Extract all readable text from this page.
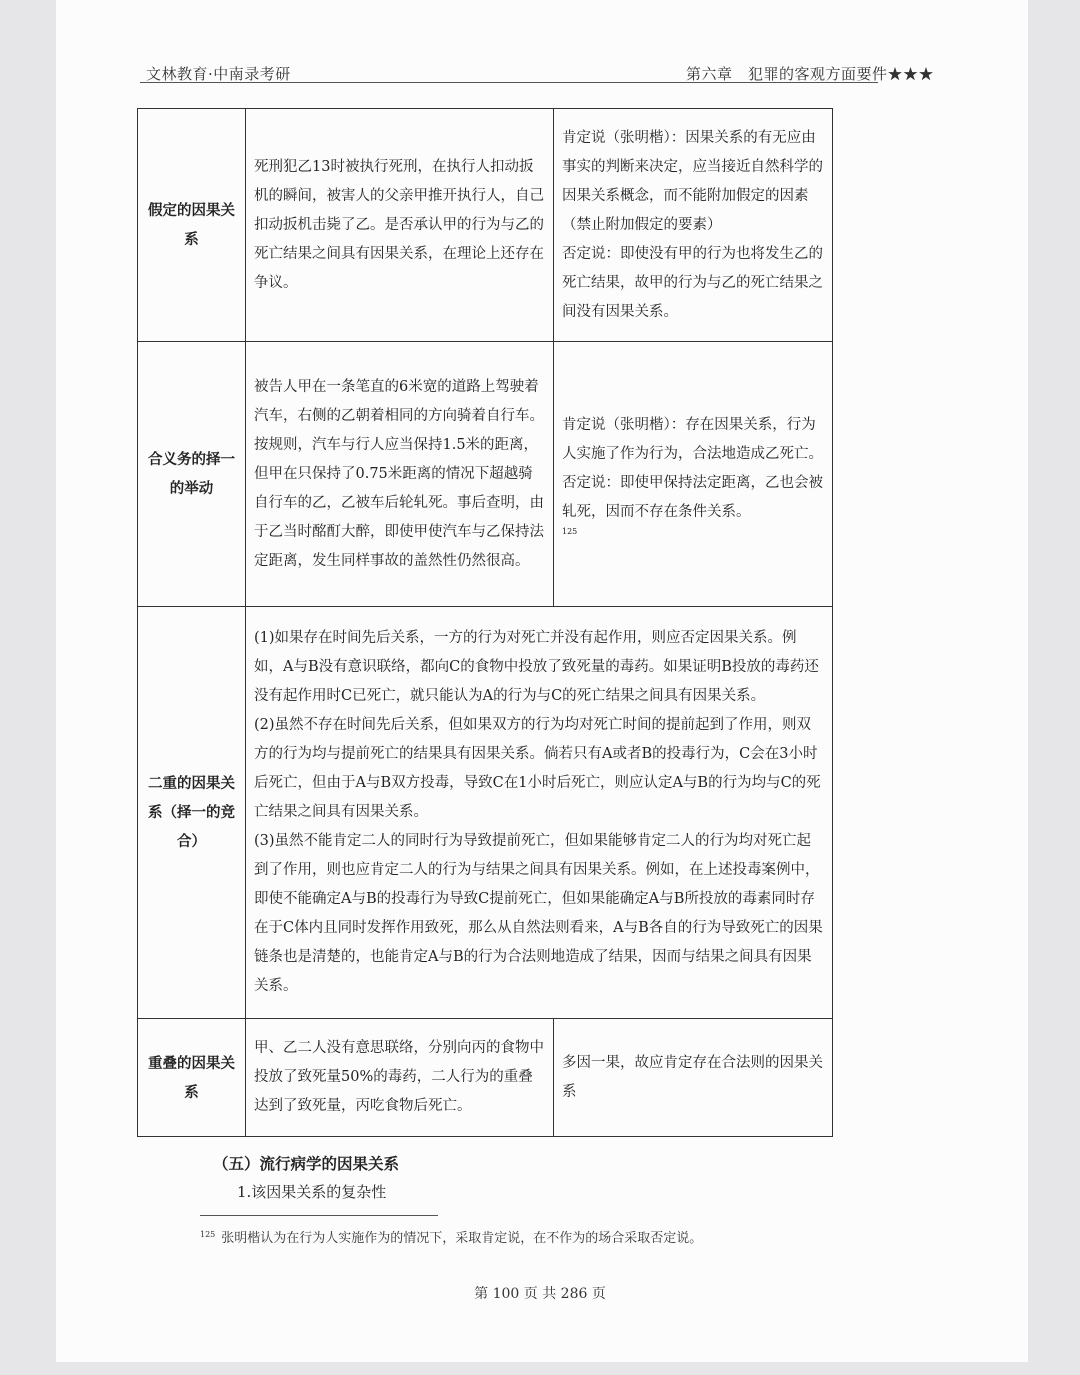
文林教育·中南录考研	第六章　犯罪的客观方面要件★★★
假定的因果关系	死刑犯乙13时被执行死刑，在执行人扣动扳机的瞬间，被害人的父亲甲推开执行人，自己扣动扳机击毙了乙。是否承认甲的行为与乙的死亡结果之间具有因果关系，在理论上还存在争议。	肯定说（张明楷）：因果关系的有无应由事实的判断来决定，应当接近自然科学的因果关系概念，而不能附加假定的因素（禁止附加假定的要素）
否定说：即使没有甲的行为也将发生乙的死亡结果，故甲的行为与乙的死亡结果之间没有因果关系。
合义务的择一的举动	被告人甲在一条笔直的6米宽的道路上驾驶着汽车，右侧的乙朝着相同的方向骑着自行车。按规则，汽车与行人应当保持1.5米的距离，但甲在只保持了0.75米距离的情况下超越骑自行车的乙，乙被车后轮轧死。事后查明，由于乙当时酩酊大醉，即使甲使汽车与乙保持法定距离，发生同样事故的盖然性仍然很高。	肯定说（张明楷）：存在因果关系，行为人实施了作为行为，合法地造成乙死亡。
否定说：即使甲保持法定距离，乙也会被轧死，因而不存在条件关系。
125

二重的因果关系（择一的竞合）	(1)如果存在时间先后关系，一方的行为对死亡并没有起作用，则应否定因果关系。例如，A与B没有意识联络，都向C的食物中投放了致死量的毒药。如果证明B投放的毒药还没有起作用时C已死亡，就只能认为A的行为与C的死亡结果之间具有因果关系。
(2)虽然不存在时间先后关系，但如果双方的行为均对死亡时间的提前起到了作用，则双方的行为均与提前死亡的结果具有因果关系。倘若只有A或者B的投毒行为，C会在3小时后死亡，但由于A与B双方投毒，导致C在1小时后死亡，则应认定A与B的行为均与C的死亡结果之间具有因果关系。
(3)虽然不能肯定二人的同时行为导致提前死亡，但如果能够肯定二人的行为均对死亡起到了作用，则也应肯定二人的行为与结果之间具有因果关系。例如，在上述投毒案例中，即使不能确定A与B的投毒行为导致C提前死亡，但如果能确定A与B所投放的毒素同时存在于C体内且同时发挥作用致死，那么从自然法则看来，A与B各自的行为导致死亡的因果链条也是清楚的，也能肯定A与B的行为合法则地造成了结果，因而与结果之间具有因果关系。	

重叠的因果关系	甲、乙二人没有意思联络，分别向丙的食物中投放了致死量50%的毒药，二人行为的重叠达到了致死量，丙吃食物后死亡。	多因一果，故应肯定存在合法则的因果关系
（五）流行病学的因果关系
1.该因果关系的复杂性
$^{125}$ 张明楷认为在行为人实施作为的情况下，采取肯定说，在不作为的场合采取否定说。
第 100 页 共 286 页
